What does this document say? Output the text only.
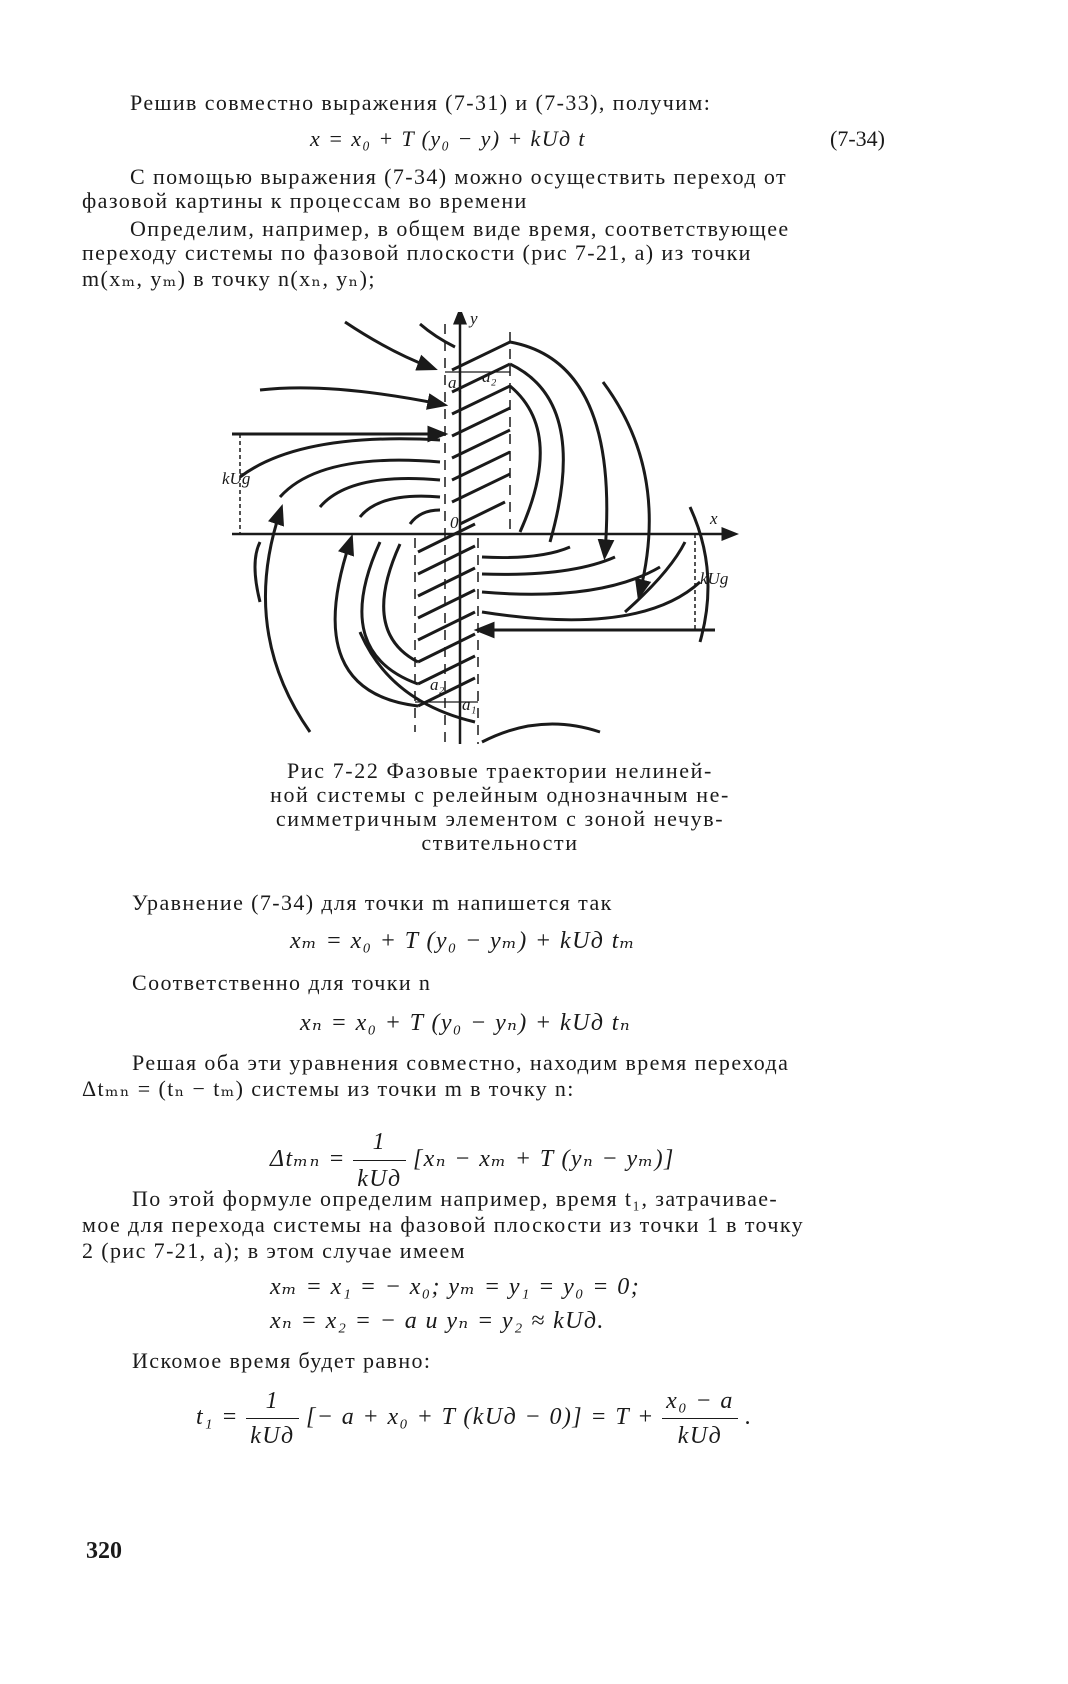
Решив совместно выражения (7-31) и (7-33), получим:
x = x₀ + T (y₀ − y) + kUд t	(7-34)
С помощью выражения (7-34) можно осуществить переход от
фазовой картины к процессам во времени
Определим, например, в общем виде время, соответствующее
переходу системы по фазовой плоскости (рис 7-21, а) из точки
m(xₘ, yₘ) в точку n(xₙ, yₙ);
y
x
0
kUg
kUg
a₁ a₂
a₂
a₁
Рис 7-22 Фазовые траектории нелиней-
ной системы с релейным однозначным не-
симметричным элементом с зоной нечув-
ствительности
Уравнение (7-34) для точки m напишется так
xₘ = x₀ + T (y₀ − yₘ) + kUд tₘ
Соответственно для точки n
xₙ = x₀ + T (y₀ − yₙ) + kUд tₙ
Решая оба эти уравнения совместно, находим время перехода
Δtₘₙ = (tₙ − tₘ) системы из точки m в точку n:
$\Delta t_{mn} = \frac{1}{\text{kUд}} [x_n - x_m + T$ (yₙ − yₘ)]
По этой формуле определим например, время t₁, затрачивае-
мое для перехода системы на фазовой плоскости из точки 1 в точку
2 (рис 7-21, а); в этом случае имеем
xₘ = x₁ = − x₀; yₘ = y₁ = y₀ = 0;
xₙ = x₂ = − a и yₙ = y₂ ≈ kUд.
Искомое время будет равно:
$t_1 = \frac{1}{\text{kUд}}$ [− a + x₀ + T $(kUд - 0)] = T + \frac{\text{x₀ − a}}{\text{kUд}}$ .
320
